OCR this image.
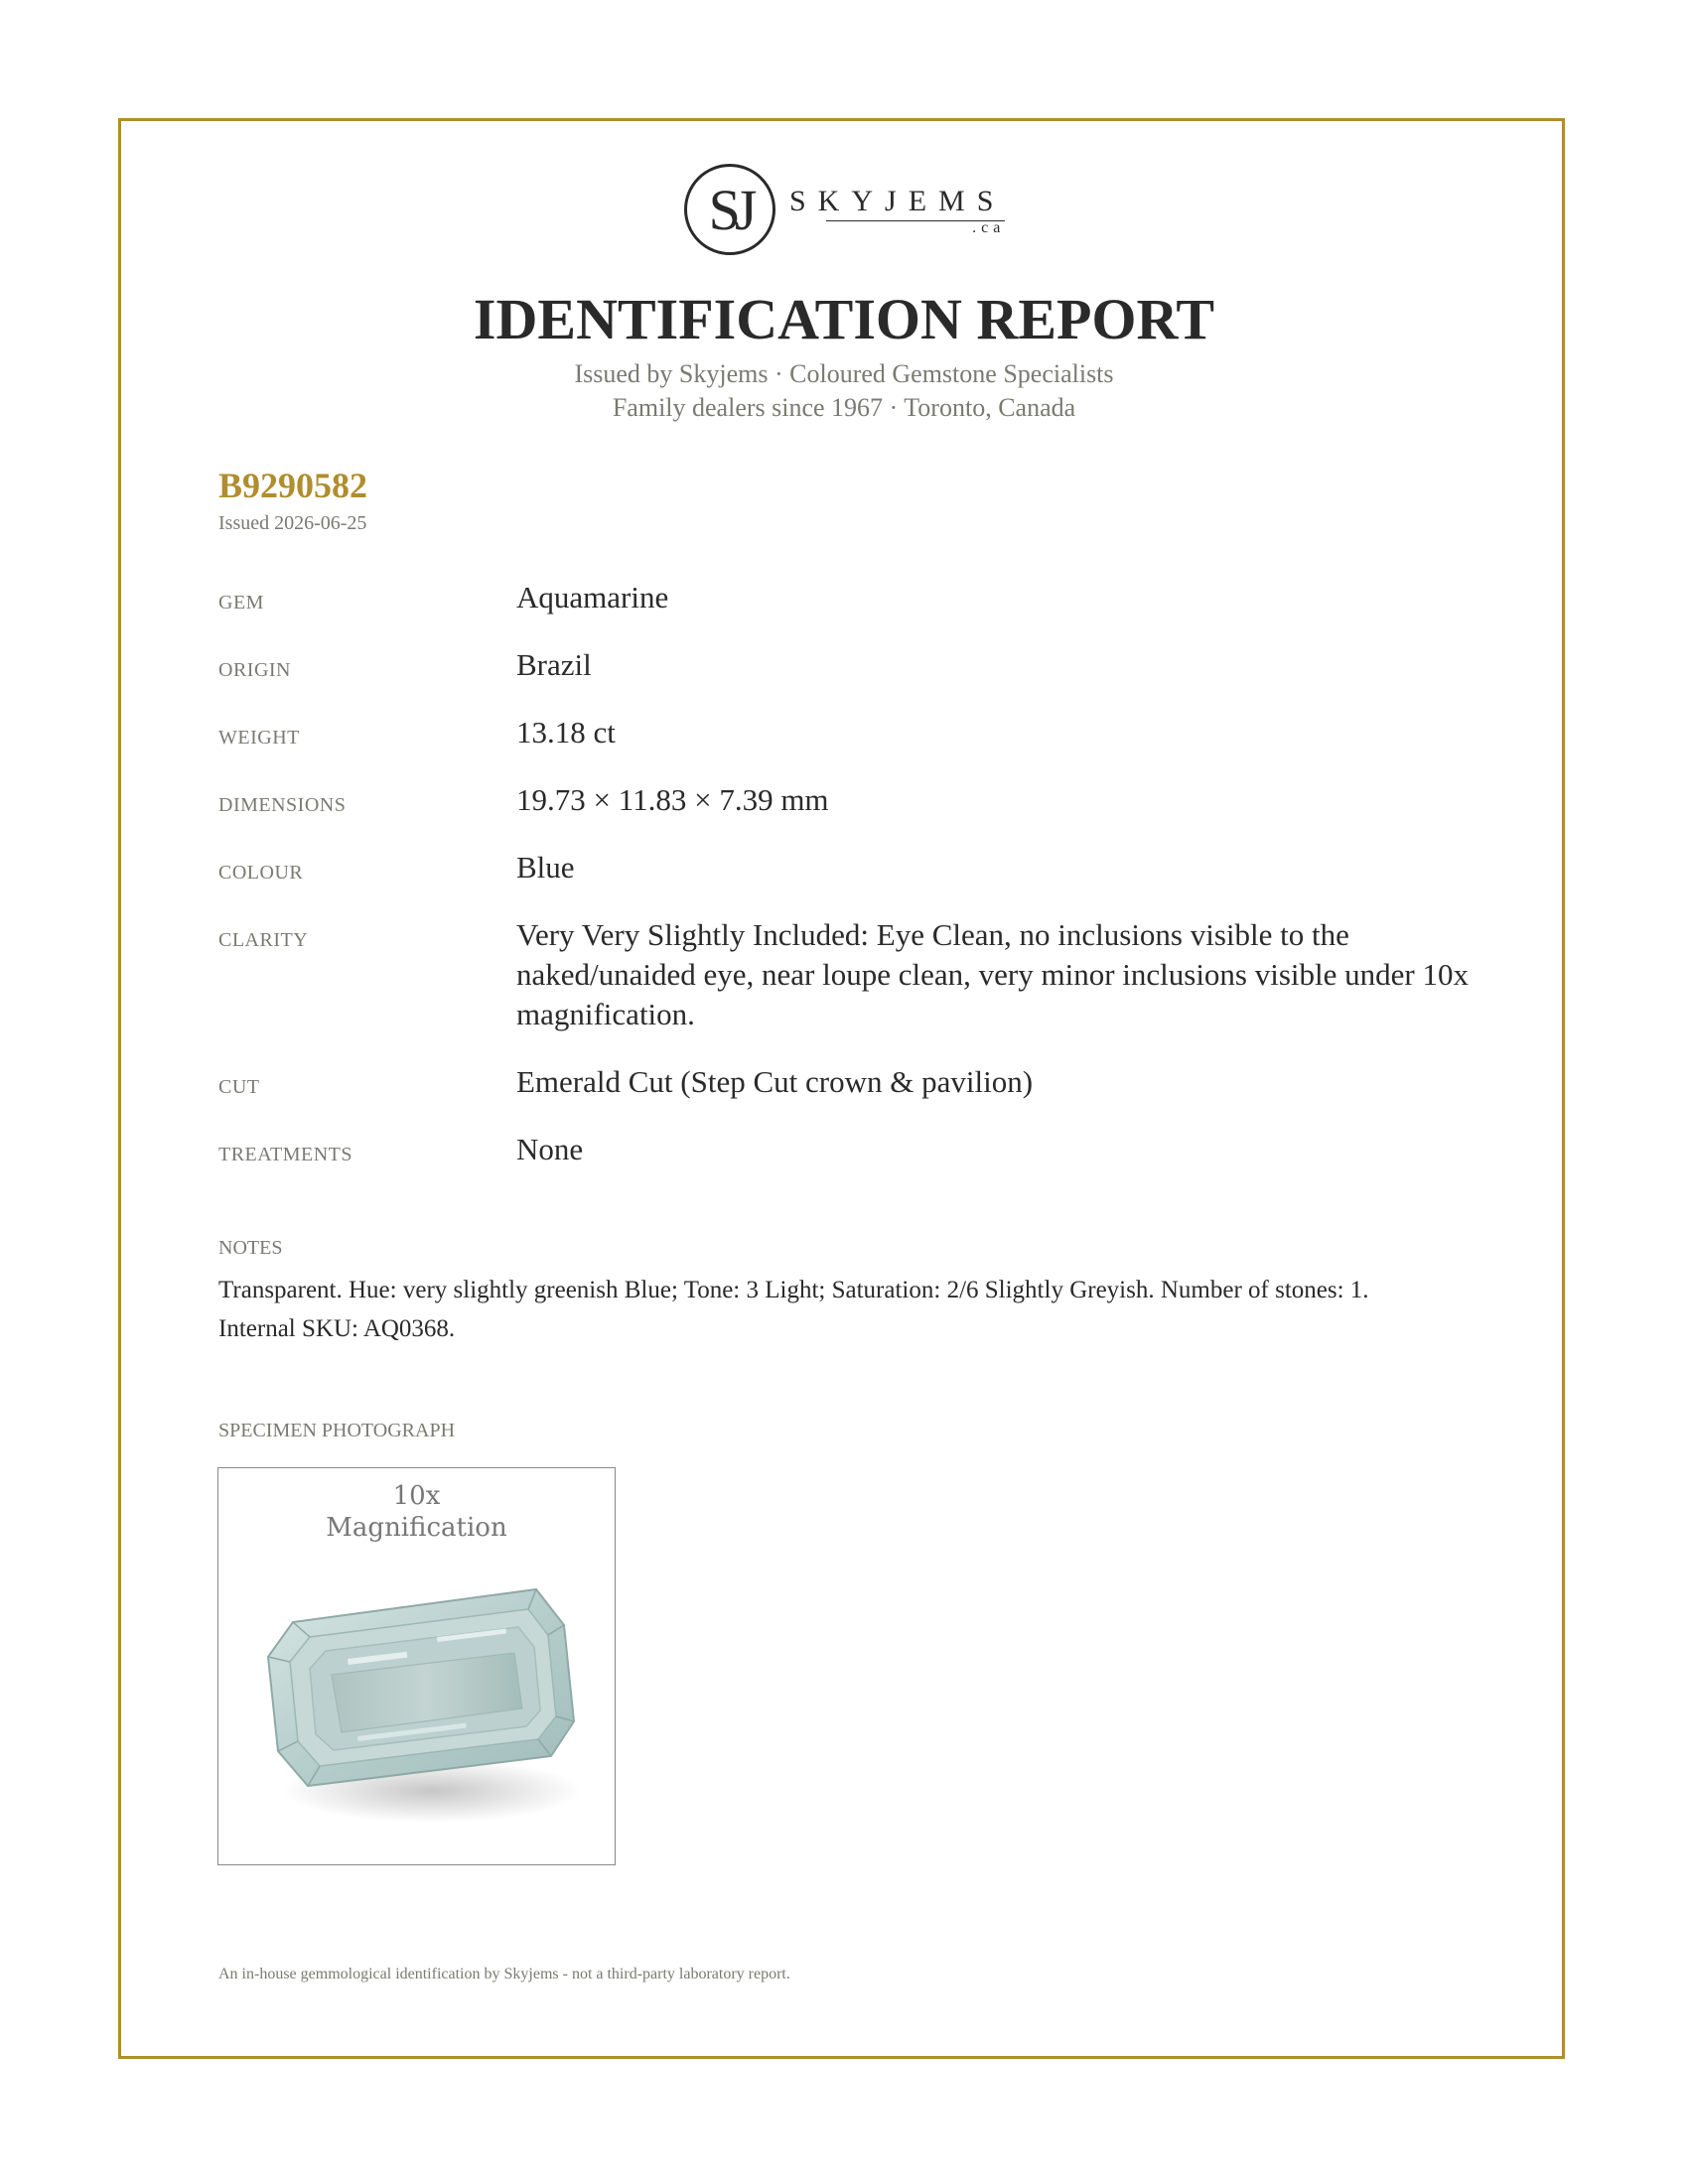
SJ	SKYJEMS
.ca
IDENTIFICATION REPORT
Issued by Skyjems · Coloured Gemstone Specialists
Family dealers since 1967 · Toronto, Canada
B9290582
Issued 2026-06-25
GEM	Aquamarine
ORIGIN	Brazil
WEIGHT	13.18 ct
DIMENSIONS	19.73 × 11.83 × 7.39 mm
COLOUR	Blue
CLARITY	Very Very Slightly Included: Eye Clean, no inclusions visible to the naked/unaided eye, near loupe clean, very minor inclusions visible under 10x magnification.
CUT	Emerald Cut (Step Cut crown & pavilion)
TREATMENTS	None
NOTES
Transparent. Hue: very slightly greenish Blue; Tone: 3 Light; Saturation: 2/6 Slightly Greyish. Number of stones: 1. Internal SKU: AQ0368.
SPECIMEN PHOTOGRAPH
10x
Magnification
An in-house gemmological identification by Skyjems - not a third-party laboratory report.
